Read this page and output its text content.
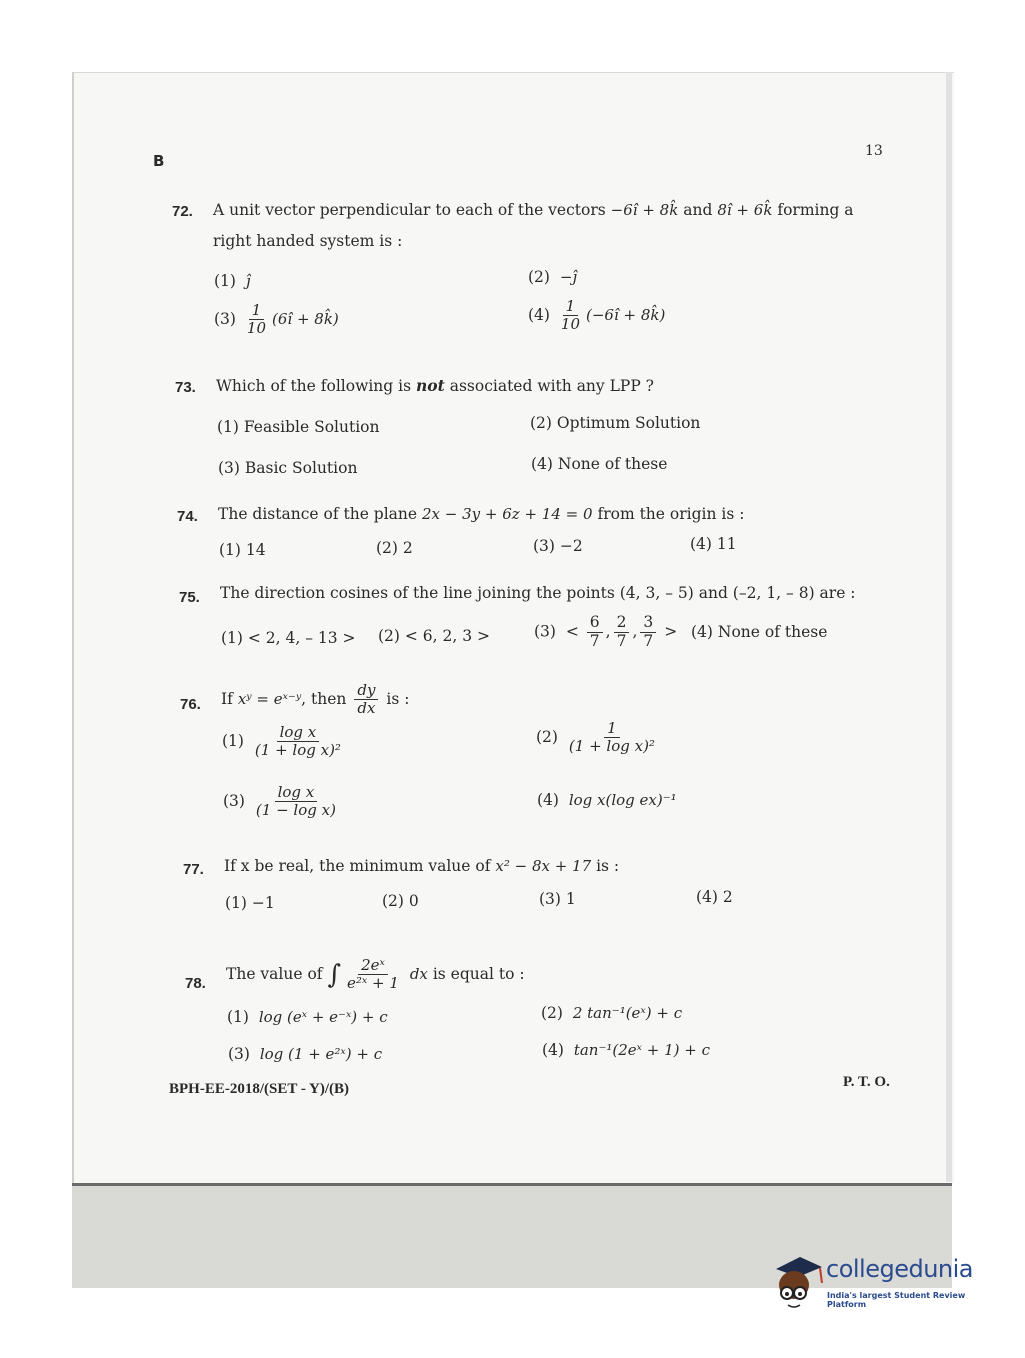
B
13
72. A unit vector perpendicular to each of the vectors −6î + 8k̂ and 8î + 6k̂ forming a
right handed system is :
(1) ĵ	(2) −ĵ
$(3) \frac{1}{10}$ (6î + 8k̂)	$(4) \frac{1}{10}$ (−6î + 8k̂)
73. Which of the following is not associated with any LPP ?
(1) Feasible Solution	(2) Optimum Solution
(3) Basic Solution	(4) None of these
74. The distance of the plane 2x − 3y + 6z + 14 = 0 from the origin is :
(1) 14	(2) 2	(3) −2	(4) 11
75. The direction cosines of the line joining the points (4, 3, – 5) and (–2, 1, – 8) are :
(1) < 2, 4, – 13 > (2) < 6, 2, 3 >	$(3) < \frac{6}{7}$ , $\frac{2}{7}$ , $\frac{3}{7} > (4)$ None of these
76. If xʸ = eˣ⁻ʸ, then $\frac{dy}{dx}$ is :
$(1) \frac{\text{log x}}{\text{(1 + log x)²}}$	$(2) \frac{1}{\text{(1 + log x)²}}$
$(3) \frac{\text{log x}}{\text{(1 − log x)}}$	(4) log x(log ex)⁻¹
77. If x be real, the minimum value of x² − 8x + 17 is :
(1) −1	(2) 0	(3) 1	(4) 2
78.
The value of ∫ $\frac{\text{2eˣ}}{\text{e²ˣ + 1}}$ dx is equal to :
(1) log (eˣ + e⁻ˣ) + c	(2) 2 tan⁻¹(eˣ) + c
(3) log (1 + e²ˣ) + c	(4) tan⁻¹(2eˣ + 1) + c
BPH-EE-2018/(SET - Y)/(B)	P. T. O.
collegedunia
India's largest Student Review Platform
